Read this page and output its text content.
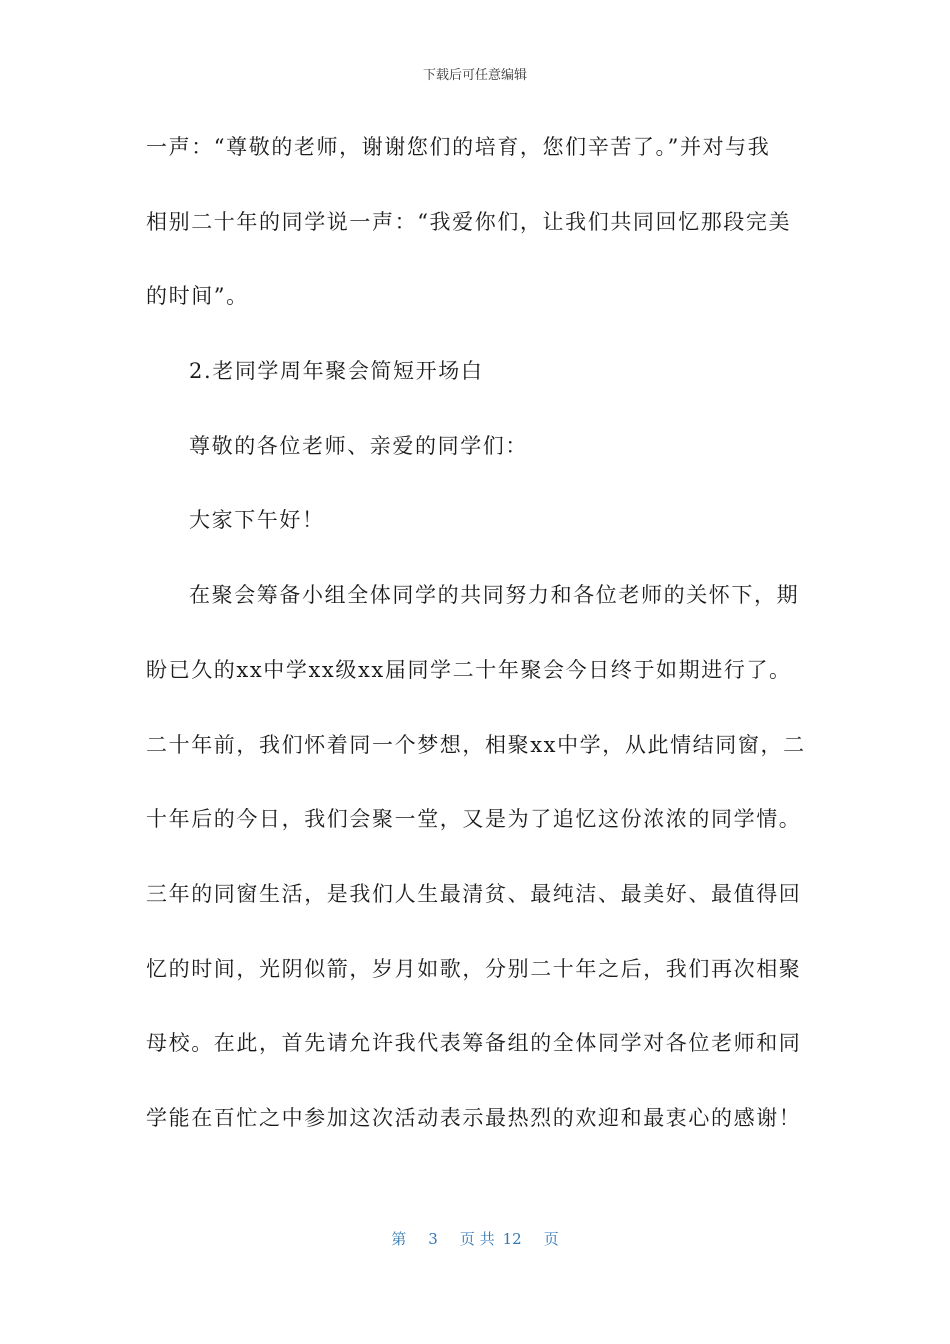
下载后可任意编辑
一声：“尊敬的老师，谢谢您们的培育，您们辛苦了。”并对与我
相别二十年的同学说一声：“我爱你们，让我们共同回忆那段完美
的时间”。
2.老同学周年聚会简短开场白
尊敬的各位老师、亲爱的同学们：
大家下午好！
在聚会筹备小组全体同学的共同努力和各位老师的关怀下，期
盼已久的xx中学xx级xx届同学二十年聚会今日终于如期进行了。
二十年前，我们怀着同一个梦想，相聚xx中学，从此情结同窗，二
十年后的今日，我们会聚一堂，又是为了追忆这份浓浓的同学情。
三年的同窗生活，是我们人生最清贫、最纯洁、最美好、最值得回
忆的时间，光阴似箭，岁月如歌，分别二十年之后，我们再次相聚
母校。在此，首先请允许我代表筹备组的全体同学对各位老师和同
学能在百忙之中参加这次活动表示最热烈的欢迎和最衷心的感谢！
第 3 页 共 12 页
